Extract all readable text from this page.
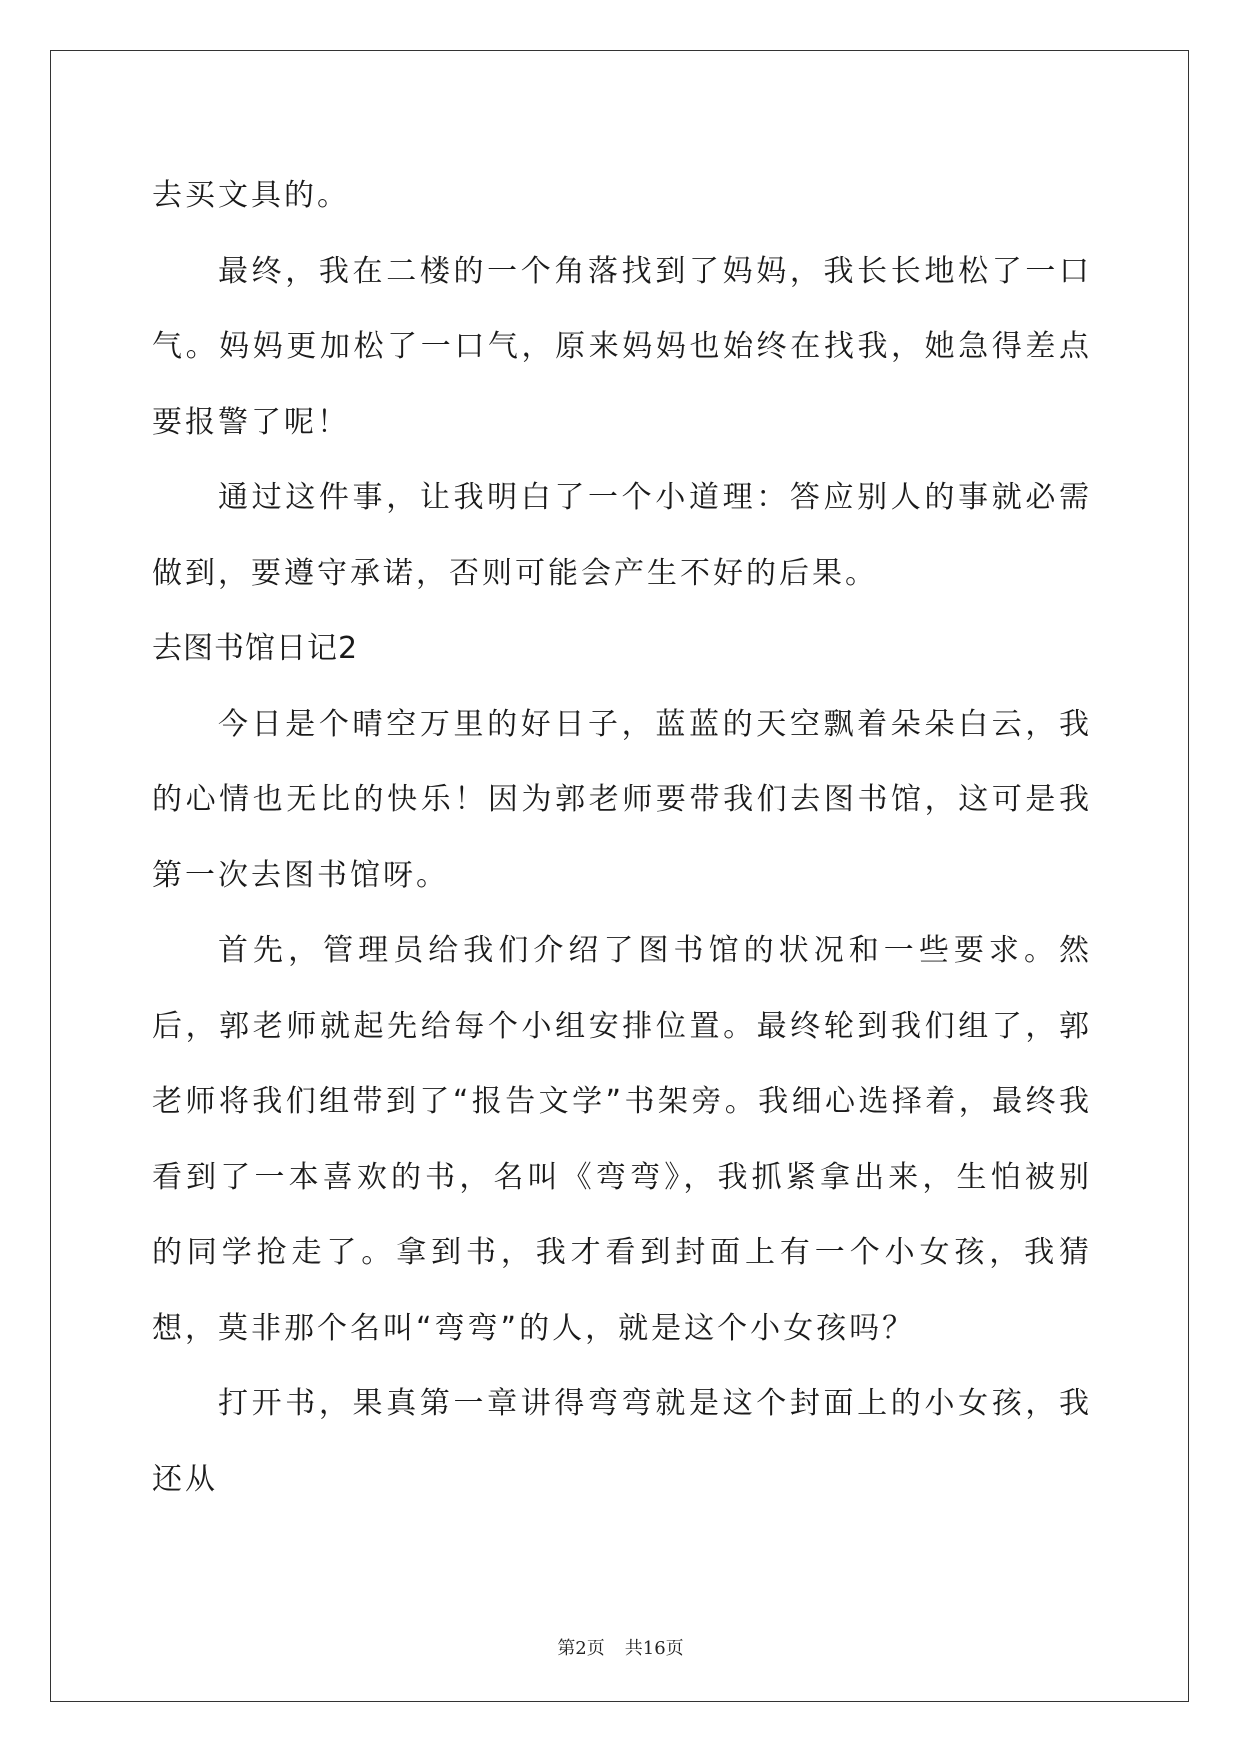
去买文具的。

最终，我在二楼的一个角落找到了妈妈，我长长地松了一口气。妈妈更加松了一口气，原来妈妈也始终在找我，她急得差点要报警了呢！

通过这件事，让我明白了一个小道理：答应别人的事就必需做到，要遵守承诺，否则可能会产生不好的后果。

去图书馆日记2

今日是个晴空万里的好日子，蓝蓝的天空飘着朵朵白云，我的心情也无比的快乐！因为郭老师要带我们去图书馆，这可是我第一次去图书馆呀。

首先，管理员给我们介绍了图书馆的状况和一些要求。然后，郭老师就起先给每个小组安排位置。最终轮到我们组了，郭老师将我们组带到了“报告文学”书架旁。我细心选择着，最终我看到了一本喜欢的书，名叫《弯弯》，我抓紧拿出来，生怕被别的同学抢走了。拿到书，我才看到封面上有一个小女孩，我猜想，莫非那个名叫“弯弯”的人，就是这个小女孩吗？

打开书，果真第一章讲得弯弯就是这个封面上的小女孩，我还从

第2页 共16页
